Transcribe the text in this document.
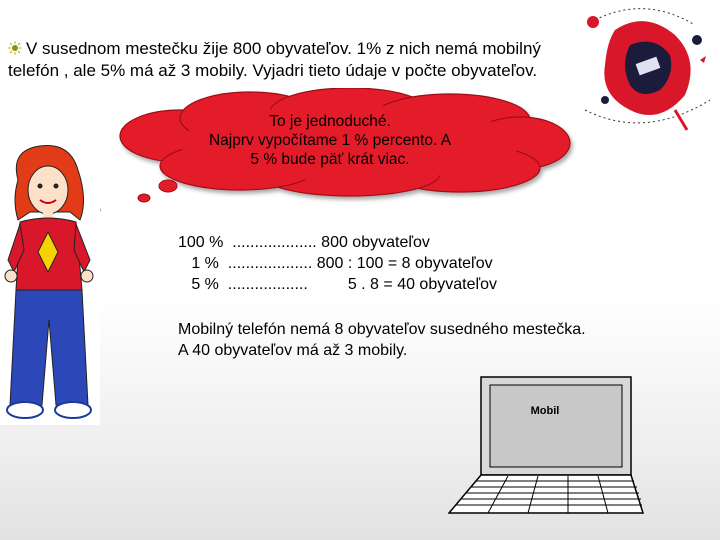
V susednom mestečku žije 800 obyvateľov. 1% z nich nemá mobilný
telefón , ale 5% má až 3 mobily. Vyjadri tieto údaje v počte obyvateľov.
To je jednoduché.
Najprv vypočítame 1 % percento. A
5 % bude päť krát viac.
100 %  ................... 800 obyvateľov
1 %  ................... 800 : 100 = 8 obyvateľov
5 %  ..................         5 . 8 = 40 obyvateľov
Mobilný telefón nemá 8 obyvateľov susedného mestečka.
A 40 obyvateľov má až 3 mobily.
Mobil
